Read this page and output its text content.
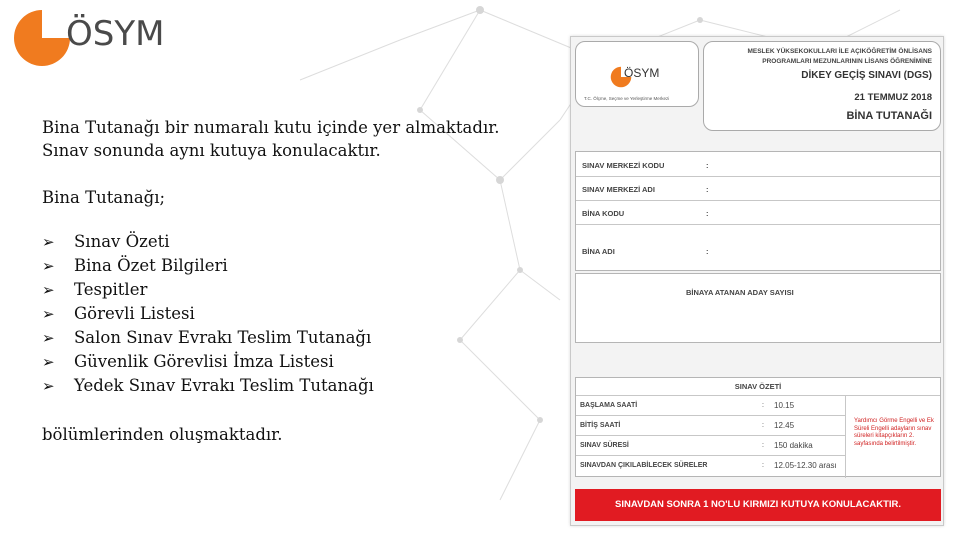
ÖSYM
Bina Tutanağı bir numaralı kutu içinde yer almaktadır.
Sınav sonunda aynı kutuya konulacaktır.
Bina Tutanağı;
➢	Sınav Özeti
➢	Bina Özet Bilgileri
➢	Tespitler
➢	Görevli Listesi
➢	Salon Sınav Evrakı Teslim Tutanağı
➢	Güvenlik Görevlisi İmza Listesi
➢	Yedek Sınav Evrakı Teslim Tutanağı
bölümlerinden oluşmaktadır.
ÖSYM
T.C. Ölçme, Seçme ve Yerleştirme Merkezi
MESLEK YÜKSEKOKULLARI İLE AÇIKÖĞRETİM ÖNLİSANS
PROGRAMLARI MEZUNLARININ LİSANS ÖĞRENİMİNE
DİKEY GEÇİŞ SINAVI (DGS)
21 TEMMUZ 2018
BİNA TUTANAĞI
SINAV MERKEZİ KODU	:
SINAV MERKEZİ ADI	:
BİNA KODU	:
BİNA ADI	:
BİNAYA ATANAN ADAY SAYISI
SINAV ÖZETİ
BAŞLAMA SAATİ	: 10.15
BİTİŞ SAATİ	: 12.45
SINAV SÜRESİ	: 150 dakika
SINAVDAN ÇIKILABİLECEK SÜRELER	: 12.05-12.30 arası
Yardımcı Görme Engelli ve Ek Süreli Engelli adayların sınav süreleri kitapçıkların 2. sayfasında belirtilmiştir.
SINAVDAN SONRA 1 NO'LU KIRMIZI KUTUYA KONULACAKTIR.
